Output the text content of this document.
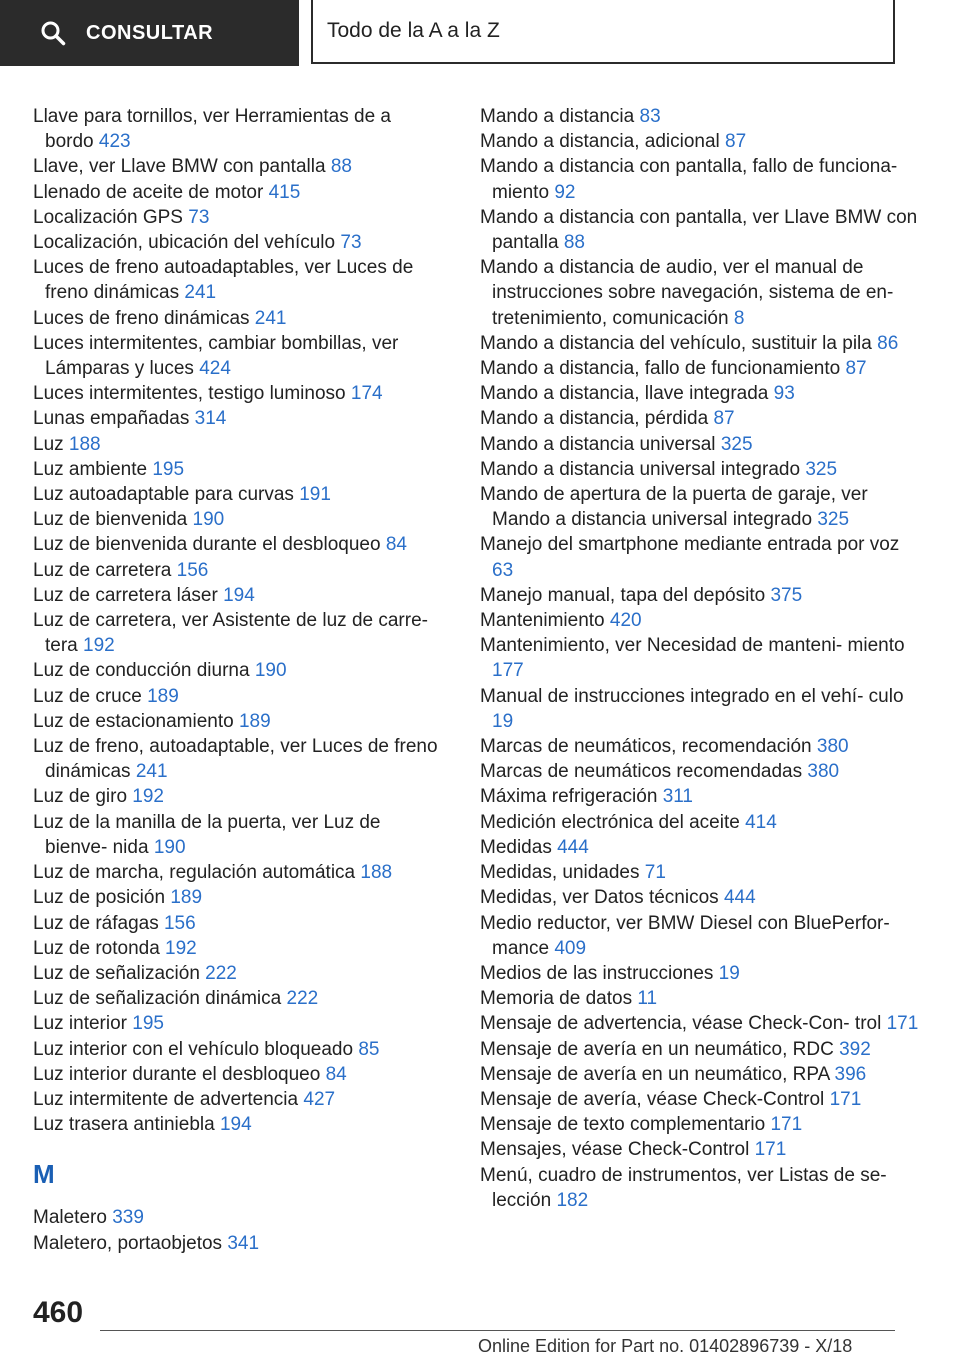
CONSULTAR	Todo de la A a la Z
Llave para tornillos, ver Herramientas de a bordo 423
Llave, ver Llave BMW con pantalla 88
Llenado de aceite de motor 415
Localización GPS 73
Localización, ubicación del vehículo 73
Luces de freno autoadaptables, ver Luces de freno dinámicas 241
Luces de freno dinámicas 241
Luces intermitentes, cambiar bombillas, ver Lámparas y luces 424
Luces intermitentes, testigo luminoso 174
Lunas empañadas 314
Luz 188
Luz ambiente 195
Luz autoadaptable para curvas 191
Luz de bienvenida 190
Luz de bienvenida durante el desbloqueo 84
Luz de carretera 156
Luz de carretera láser 194
Luz de carretera, ver Asistente de luz de carre‐ tera 192
Luz de conducción diurna 190
Luz de cruce 189
Luz de estacionamiento 189
Luz de freno, autoadaptable, ver Luces de freno dinámicas 241
Luz de giro 192
Luz de la manilla de la puerta, ver Luz de bienve‐ nida 190
Luz de marcha, regulación automática 188
Luz de posición 189
Luz de ráfagas 156
Luz de rotonda 192
Luz de señalización 222
Luz de señalización dinámica 222
Luz interior 195
Luz interior con el vehículo bloqueado 85
Luz interior durante el desbloqueo 84
Luz intermitente de advertencia 427
Luz trasera antiniebla 194
M
Maletero 339
Maletero, portaobjetos 341
Mando a distancia 83
Mando a distancia, adicional 87
Mando a distancia con pantalla, fallo de funciona‐ miento 92
Mando a distancia con pantalla, ver Llave BMW con pantalla 88
Mando a distancia de audio, ver el manual de instrucciones sobre navegación, sistema de en‐ tretenimiento, comunicación 8
Mando a distancia del vehículo, sustituir la pila 86
Mando a distancia, fallo de funcionamiento 87
Mando a distancia, llave integrada 93
Mando a distancia, pérdida 87
Mando a distancia universal 325
Mando a distancia universal integrado 325
Mando de apertura de la puerta de garaje, ver Mando a distancia universal integrado 325
Manejo del smartphone mediante entrada por voz 63
Manejo manual, tapa del depósito 375
Mantenimiento 420
Mantenimiento, ver Necesidad de manteni‐ miento 177
Manual de instrucciones integrado en el vehí‐ culo 19
Marcas de neumáticos, recomendación 380
Marcas de neumáticos recomendadas 380
Máxima refrigeración 311
Medición electrónica del aceite 414
Medidas 444
Medidas, unidades 71
Medidas, ver Datos técnicos 444
Medio reductor, ver BMW Diesel con BluePerfor‐ mance 409
Medios de las instrucciones 19
Memoria de datos 11
Mensaje de advertencia, véase Check-Con‐ trol 171
Mensaje de avería en un neumático, RDC 392
Mensaje de avería en un neumático, RPA 396
Mensaje de avería, véase Check-Control 171
Mensaje de texto complementario 171
Mensajes, véase Check-Control 171
Menú, cuadro de instrumentos, ver Listas de se‐ lección 182
460
Online Edition for Part no. 01402896739 - X/18
